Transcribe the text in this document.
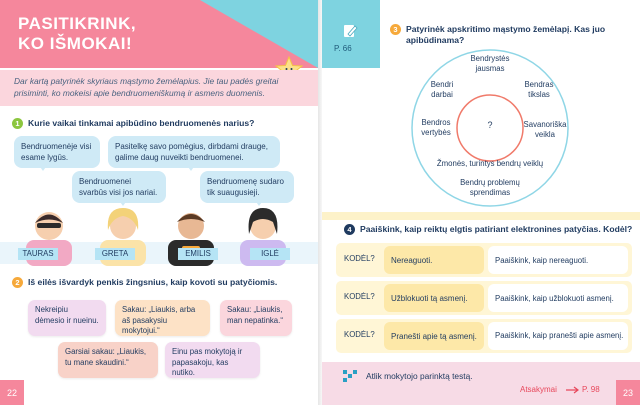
PASITIKRINK,
KO IŠMOKAI!
Dar kartą patyrinėk skyriaus mąstymo žemėlapius. Jie tau padės greitai prisiminti, ko mokeisi apie bendruomeniškumą ir asmens duomenis.
1 Kurie vaikai tinkamai apibūdino bendruomenės narius?
Bendruomenėje visi esame lygūs.
Pasitelkę savo pomėgius, dirbdami drauge, galime daug nuveikti bendruomenei.
Bendruomenei svarbūs visi jos nariai.
Bendruomenę sudaro tik suaugusieji.
TAURAS	GRETA	EMILIS	IGLĖ
2 Iš eilės išvardyk penkis žingsnius, kaip kovoti su patyčiomis.
Nekreipiu dėmesio ir nueinu.
Sakau: „Liaukis, arba aš pasakysiu mokytojui.“
Sakau: „Liaukis, man nepatinka.“
Garsiai sakau: „Liaukis, tu mane skaudini.“
Einu pas mokytoją ir papasakoju, kas nutiko.
22
P. 66
3 Patyrinėk apskritimo mąstymo žemėlapį. Kas juo apibūdinama?
?
Bendrystės jausmas
Bendras tikslas
Savanoriška veikla
Bendrų problemų sprendimas
Žmonės, turintys bendrų veiklų
Bendros vertybės
Bendri darbai
4 Paaiškink, kaip reiktų elgtis patiriant elektronines patyčias. Kodėl?
KODĖL?	Nereaguoti.	Paaiškink, kaip nereaguoti.
KODĖL?	Užblokuoti tą asmenį.	Paaiškink, kaip užblokuoti asmenį.
KODĖL?	Pranešti apie tą asmenį.	Paaiškink, kaip pranešti apie asmenį.
Atlik mokytojo parinktą testą.
Atsakymai	P. 98	23
